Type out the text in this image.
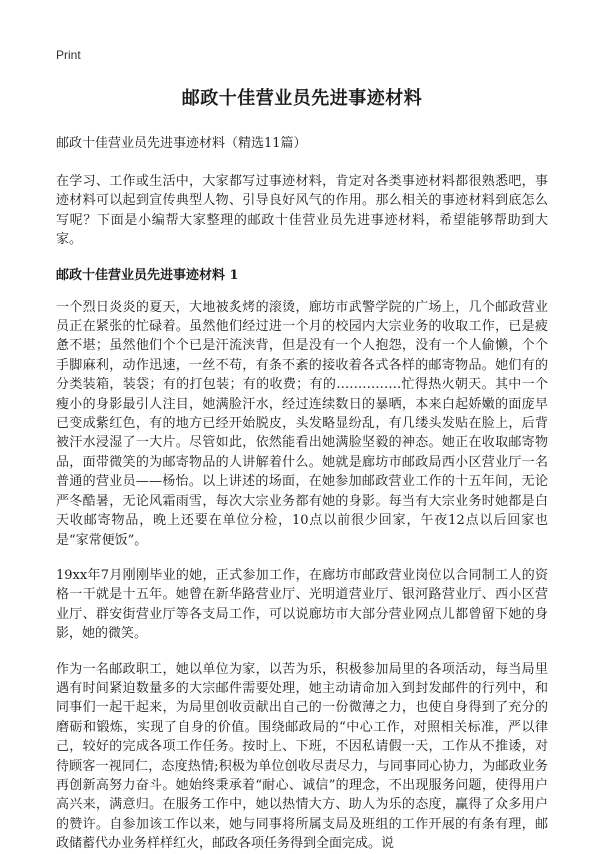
Print
邮政十佳营业员先进事迹材料
邮政十佳营业员先进事迹材料（精选11篇）

在学习、工作或生活中，大家都写过事迹材料，肯定对各类事迹材料都很熟悉吧，事迹材料可以起到宣传典型人物、引导良好风气的作用。那么相关的事迹材料到底怎么写呢？下面是小编帮大家整理的邮政十佳营业员先进事迹材料，希望能够帮助到大家。

邮政十佳营业员先进事迹材料 1

一个烈日炎炎的夏天，大地被炙烤的滚烫，廊坊市武警学院的广场上，几个邮政营业员正在紧张的忙碌着。虽然他们经过进一个月的校园内大宗业务的收取工作，已是疲惫不堪；虽然他们个个已是汗流浃背，但是没有一个人抱怨，没有一个人偷懒，个个手脚麻利，动作迅速，一丝不苟，有条不紊的接收着各式各样的邮寄物品。她们有的分类装箱，装袋；有的打包装；有的收费；有的……………忙得热火朝天。其中一个瘦小的身影最引人注目，她满脸汗水，经过连续数日的暴晒，本来白起娇嫩的面庞早已变成紫红色，有的地方已经开始脱皮，头发略显纷乱，有几缕头发贴在脸上，后背被汗水浸湿了一大片。尽管如此，依然能看出她满脸坚毅的神态。她正在收取邮寄物品，面带微笑的为邮寄物品的人讲解着什么。她就是廊坊市邮政局西小区营业厅一名普通的营业员——杨怡。以上讲述的场面，在她参加邮政营业工作的十五年间，无论严冬酷暑，无论风霜雨雪，每次大宗业务都有她的身影。每当有大宗业务时她都是白天收邮寄物品，晚上还要在单位分检，10点以前很少回家，午夜12点以后回家也是“家常便饭”。

19xx年7月刚刚毕业的她，正式参加工作，在廊坊市邮政营业岗位以合同制工人的资格一干就是十五年。她曾在新华路营业厅、光明道营业厅、银河路营业厅、西小区营业厅、群安街营业厅等各支局工作，可以说廊坊市大部分营业网点儿都曾留下她的身影，她的微笑。

作为一名邮政职工，她以单位为家，以苦为乐，积极参加局里的各项活动，每当局里遇有时间紧迫数量多的大宗邮件需要处理，她主动请命加入到封发邮件的行列中，和同事们一起干起来，为局里创收贡献出自己的一份微薄之力，也使自身得到了充分的磨砺和锻炼，实现了自身的价值。围绕邮政局的“中心工作，对照相关标准，严以律己，较好的完成各项工作任务。按时上、下班，不因私请假一天，工作从不推诿，对待顾客一视同仁，态度热情;积极为单位创收尽责尽力，与同事同心协力，为邮政业务再创新高努力奋斗。她始终秉承着“耐心、诚信”的理念，不出现服务问题，使得用户高兴来，满意归。在服务工作中，她以热情大方、助人为乐的态度，赢得了众多用户的赞许。自参加该工作以来，她与同事将所属支局及班组的工作开展的有条有理，邮政储蓄代办业务样样红火，邮政各项任务得到全面完成。说
